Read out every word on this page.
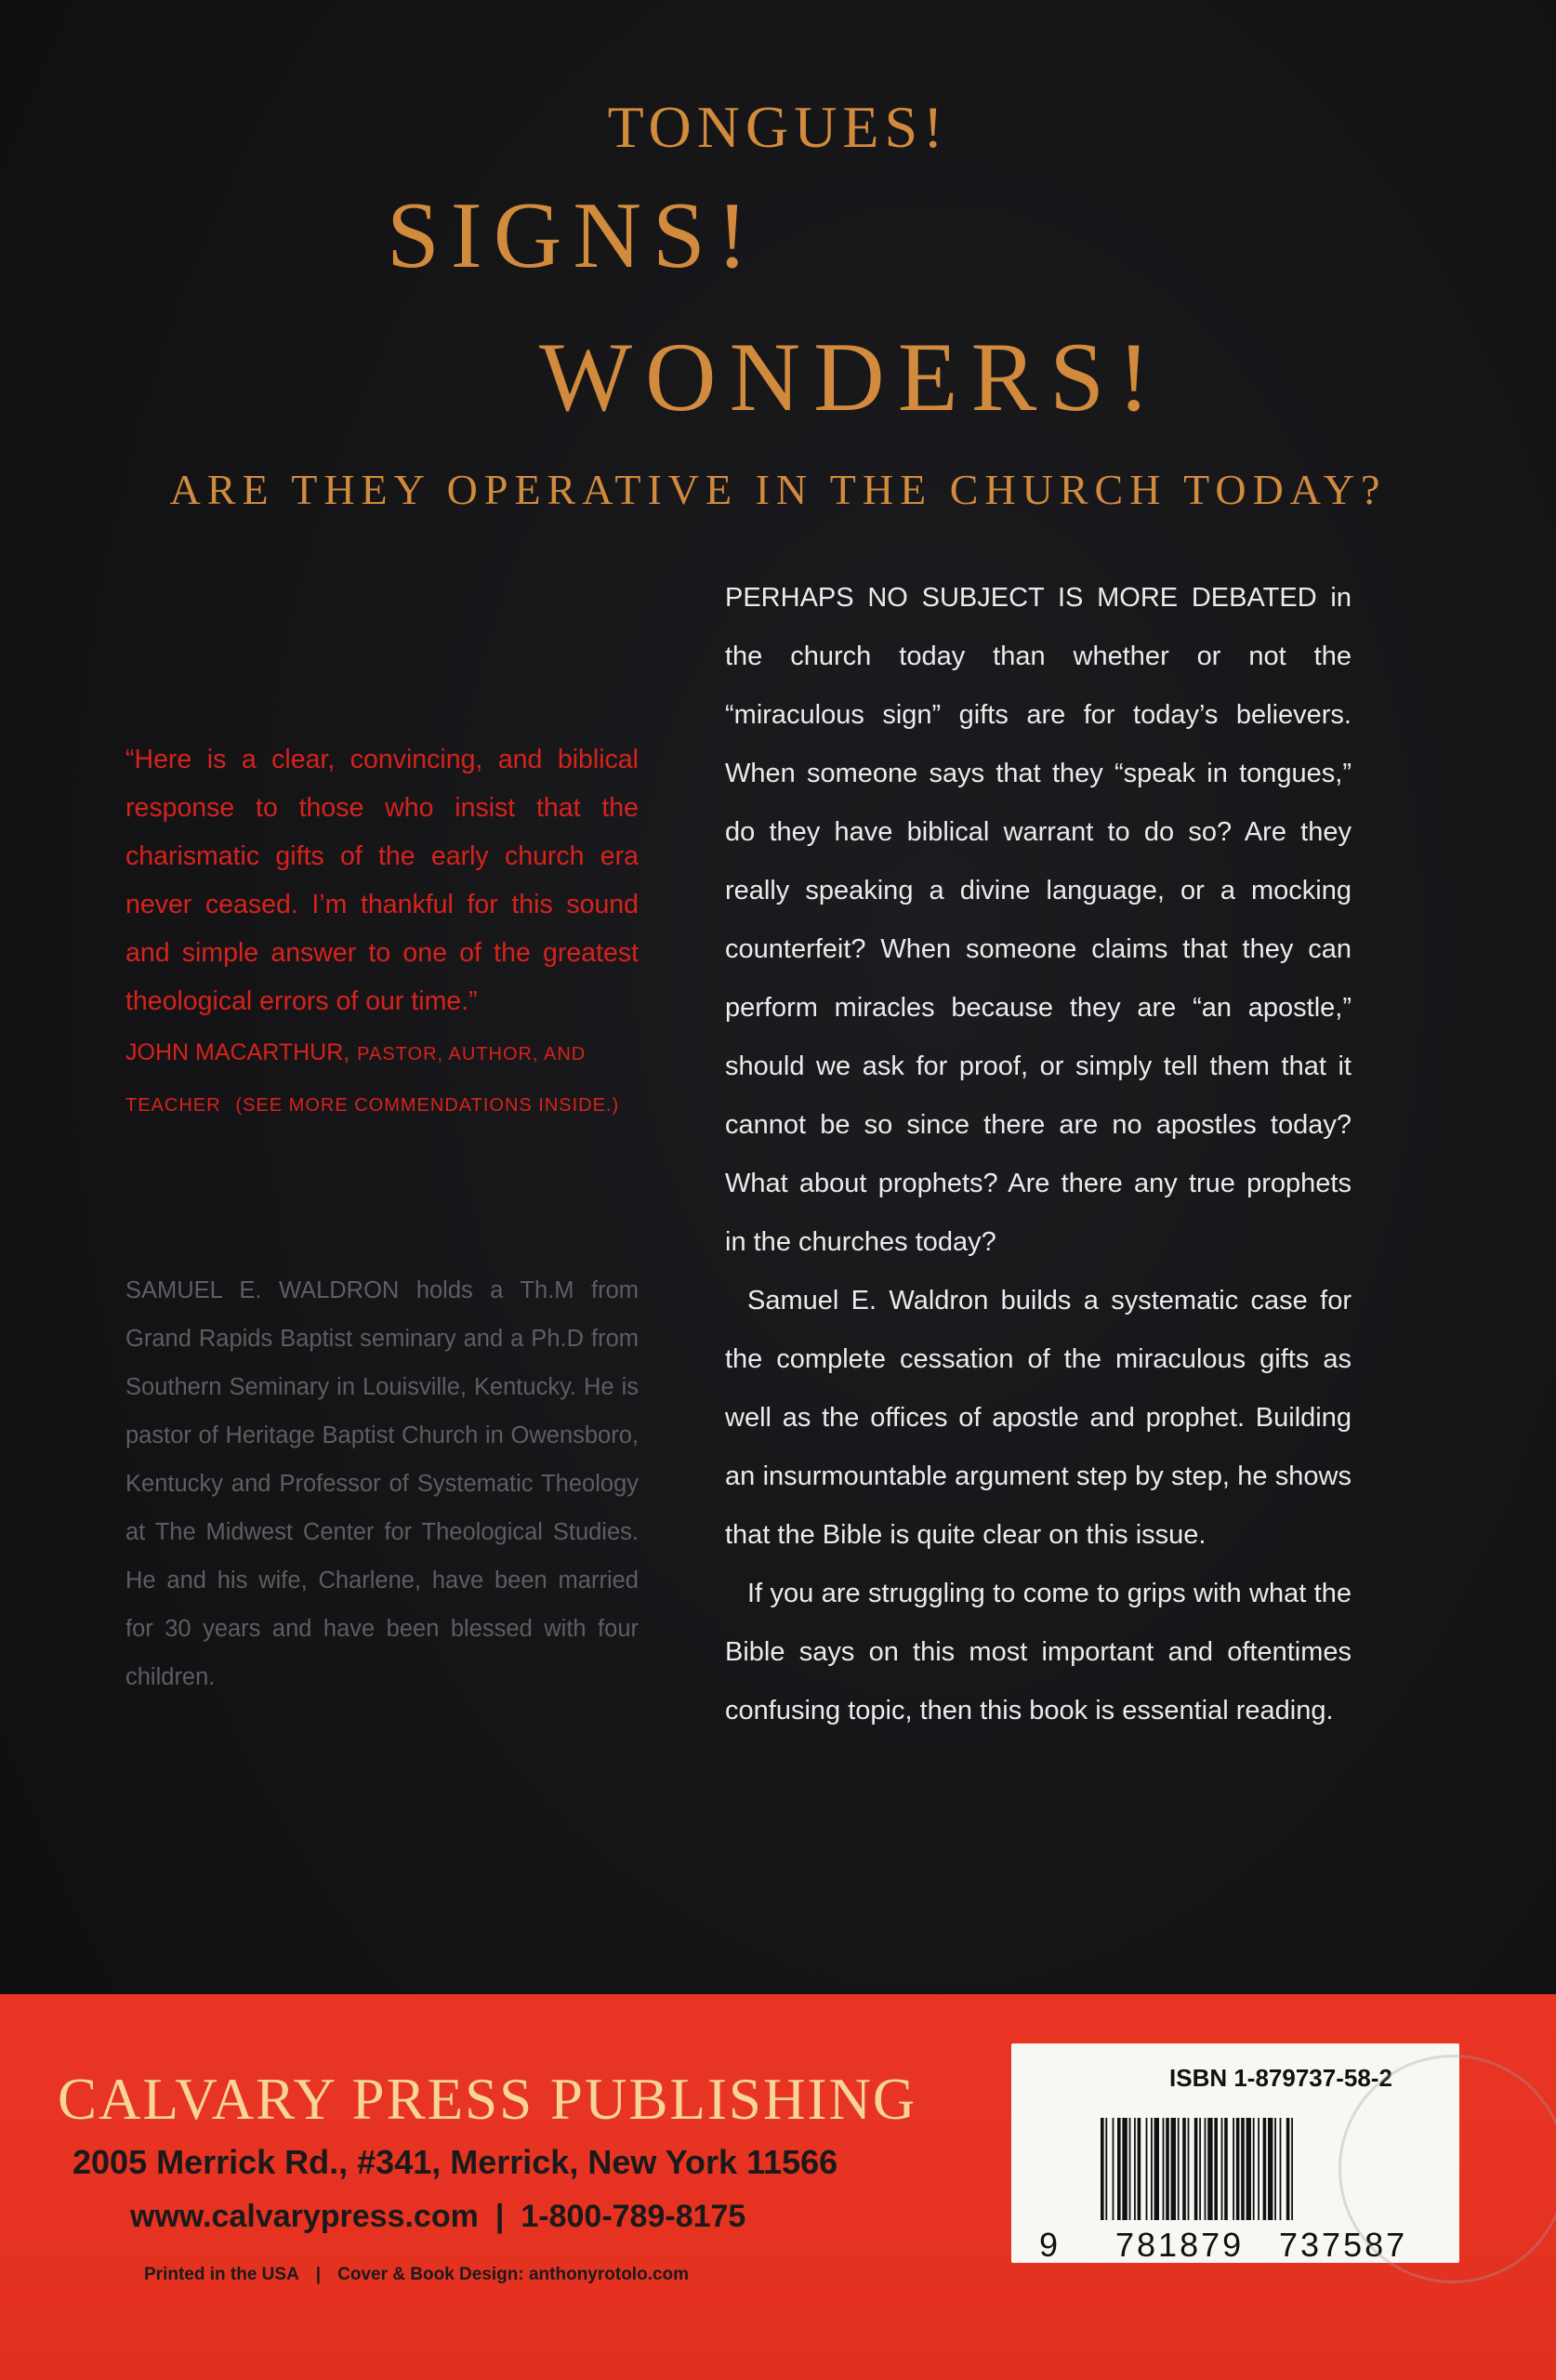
TONGUES!
SIGNS!
WONDERS!
ARE THEY OPERATIVE IN THE CHURCH TODAY?

“Here is a clear, convincing, and biblical response to those who insist that the charismatic gifts of the early church era never ceased. I’m thankful for this sound and simple answer to one of the greatest theological errors of our time.”

JOHN MACARTHUR, PASTOR, AUTHOR, AND TEACHER (SEE MORE COMMENDATIONS INSIDE.)
SAMUEL E. WALDRON holds a Th.M from Grand Rapids Baptist seminary and a Ph.D from Southern Seminary in Louisville, Kentucky. He is pastor of Heritage Baptist Church in Owensboro, Kentucky and Professor of Systematic Theology at The Midwest Center for Theological Studies. He and his wife, Charlene, have been married for 30 years and have been blessed with four children.

PERHAPS NO SUBJECT IS MORE DEBATED in the church today than whether or not the “miraculous sign” gifts are for today’s believers. When someone says that they “speak in tongues,” do they have biblical warrant to do so? Are they really speaking a divine language, or a mocking counterfeit? When someone claims that they can perform miracles because they are “an apostle,” should we ask for proof, or simply tell them that it cannot be so since there are no apostles today? What about prophets? Are there any true prophets in the churches today?

Samuel E. Waldron builds a systematic case for the complete cessation of the miraculous gifts as well as the offices of apostle and prophet. Building an insurmountable argument step by step, he shows that the Bible is quite clear on this issue.

If you are struggling to come to grips with what the Bible says on this most important and oftentimes confusing topic, then this book is essential reading.

CALVARY PRESS PUBLISHING
2005 Merrick Rd., #341, Merrick, New York 11566
www.calvarypress.com | 1-800-789-8175
Printed in the USA | Cover & Book Design: anthonyrotolo.com
ISBN 1-879737-58-2
9 781879 737587
